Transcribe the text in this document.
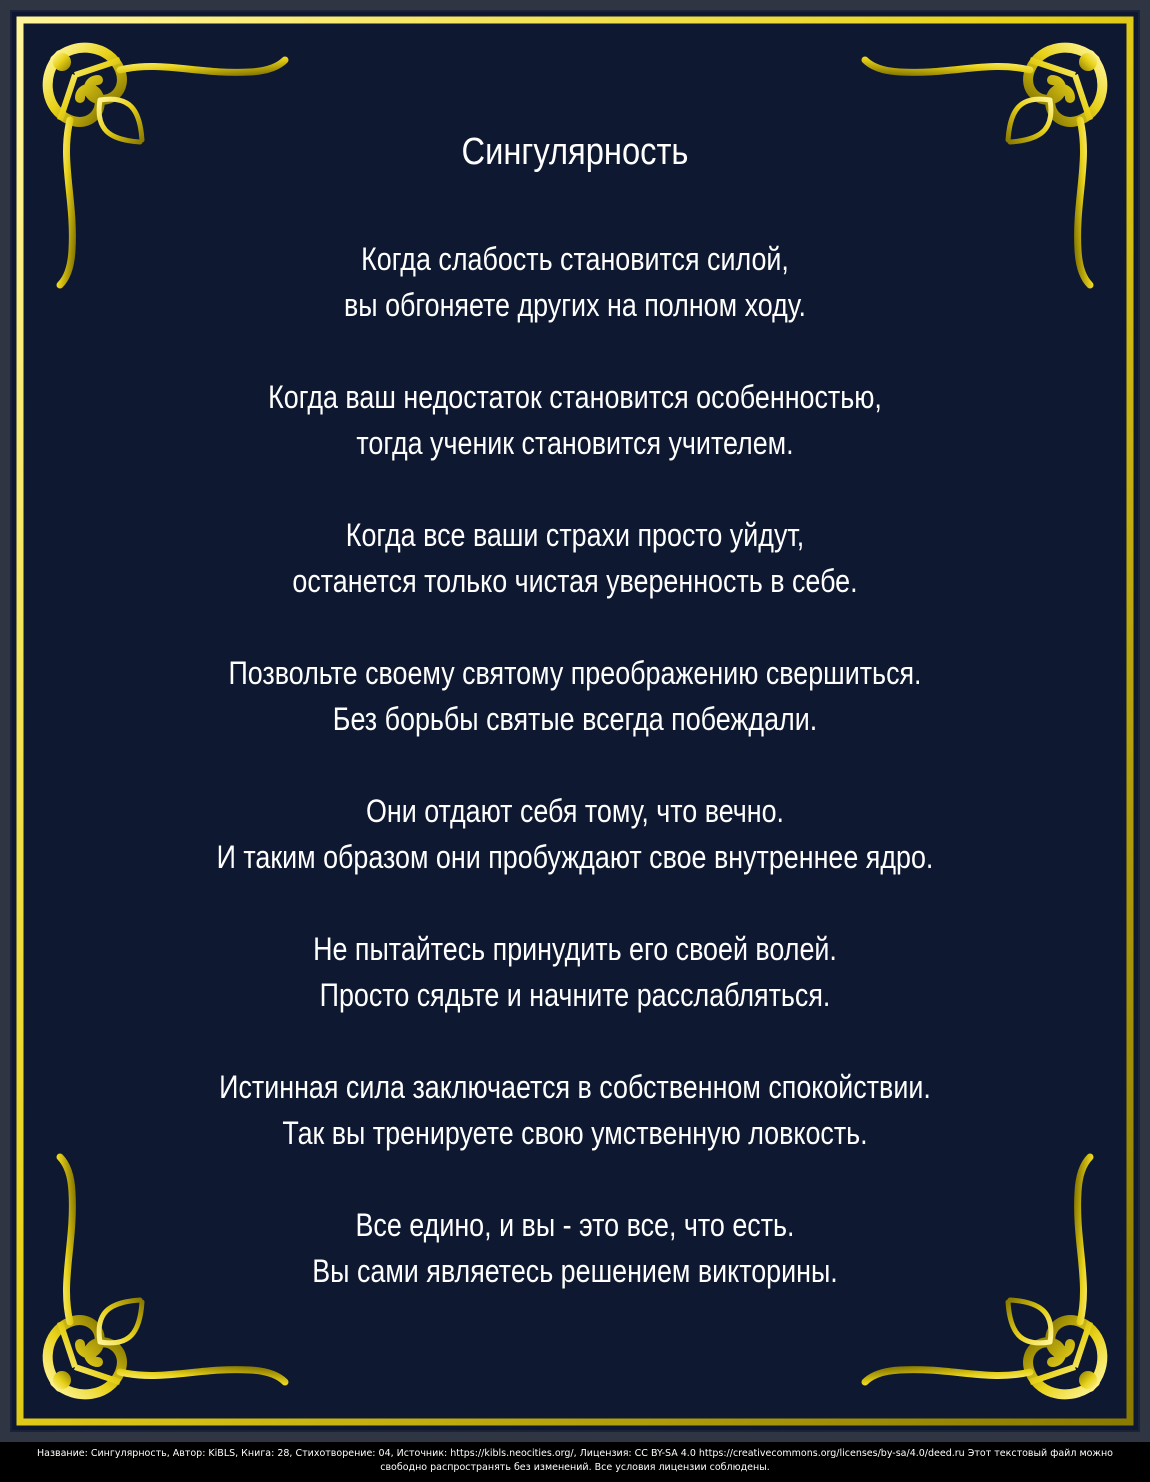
Сингулярность
Когда слабость становится силой,
вы обгоняете других на полном ходу.
Когда ваш недостаток становится особенностью,
тогда ученик становится учителем.
Когда все ваши страхи просто уйдут,
останется только чистая уверенность в себе.
Позвольте своему святому преображению свершиться.
Без борьбы святые всегда побеждали.
Они отдают себя тому, что вечно.
И таким образом они пробуждают свое внутреннее ядро.
Не пытайтесь принудить его своей волей.
Просто сядьте и начните расслабляться.
Истинная сила заключается в собственном спокойствии.
Так вы тренируете свою умственную ловкость.
Все едино, и вы - это все, что есть.
Вы сами являетесь решением викторины.
Название: Сингулярность, Автор: KiBLS, Книга: 28, Стихотворение: 04, Источник: https://kibls.neocities.org/, Лицензия: CC BY-SA 4.0 https://creativecommons.org/licenses/by-sa/4.0/deed.ru Этот текстовый файл можно
свободно распространять без изменений. Все условия лицензии соблюдены.
